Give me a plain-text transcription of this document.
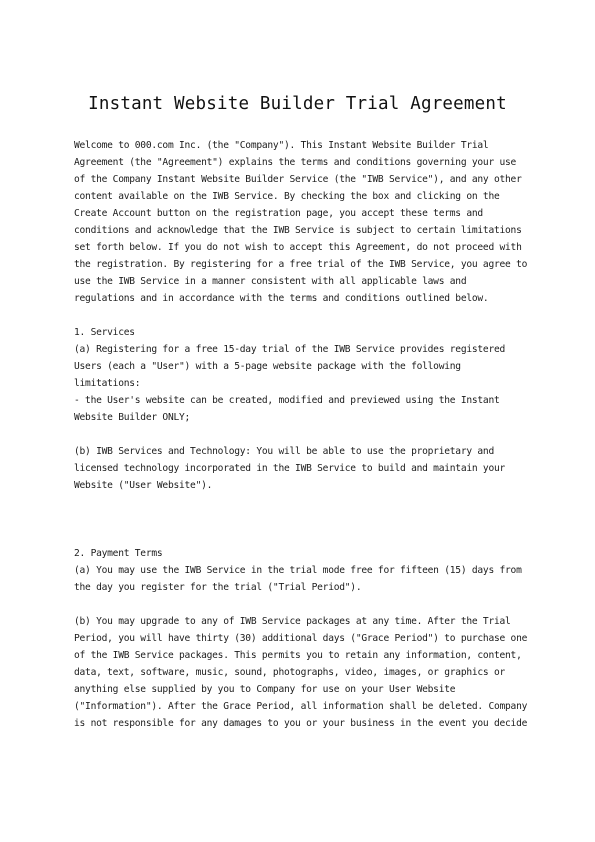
Instant Website Builder Trial Agreement
Welcome to 000.com Inc. (the "Company"). This Instant Website Builder Trial
Agreement (the "Agreement") explains the terms and conditions governing your use
of the Company Instant Website Builder Service (the "IWB Service"), and any other
content available on the IWB Service. By checking the box and clicking on the
Create Account button on the registration page, you accept these terms and
conditions and acknowledge that the IWB Service is subject to certain limitations
set forth below. If you do not wish to accept this Agreement, do not proceed with
the registration. By registering for a free trial of the IWB Service, you agree to
use the IWB Service in a manner consistent with all applicable laws and
regulations and in accordance with the terms and conditions outlined below.
1. Services
(a) Registering for a free 15-day trial of the IWB Service provides registered
Users (each a "User") with a 5-page website package with the following
limitations:
- the User's website can be created, modified and previewed using the Instant
Website Builder ONLY;
(b) IWB Services and Technology: You will be able to use the proprietary and
licensed technology incorporated in the IWB Service to build and maintain your
Website ("User Website").
2. Payment Terms
(a) You may use the IWB Service in the trial mode free for fifteen (15) days from
the day you register for the trial ("Trial Period").
(b) You may upgrade to any of IWB Service packages at any time. After the Trial
Period, you will have thirty (30) additional days ("Grace Period") to purchase one
of the IWB Service packages. This permits you to retain any information, content,
data, text, software, music, sound, photographs, video, images, or graphics or
anything else supplied by you to Company for use on your User Website
("Information"). After the Grace Period, all information shall be deleted. Company
is not responsible for any damages to you or your business in the event you decide
